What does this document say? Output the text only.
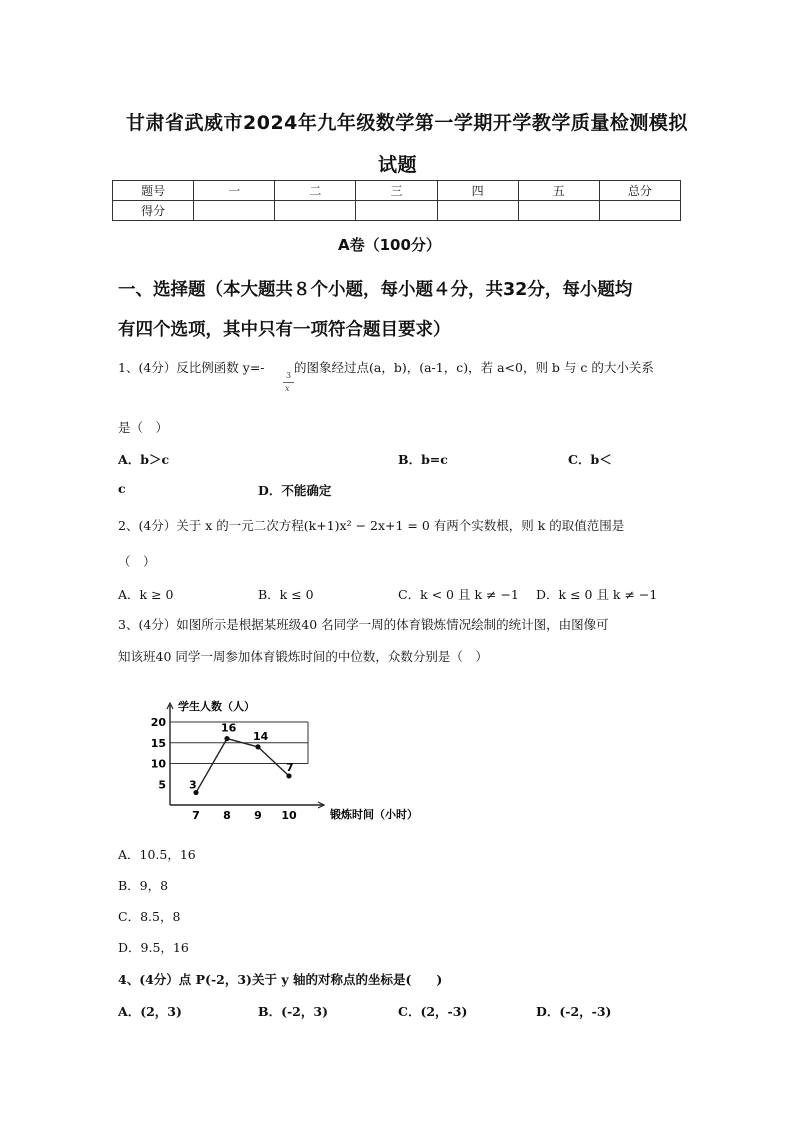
甘肃省武威市2024年九年级数学第一学期开学教学质量检测模拟
试题
题号	一	二	三	四	五	总分
得分						
A卷（100分）
一、选择题（本大题共８个小题，每小题４分，共32分，每小题均
有四个选项，其中只有一项符合题目要求）
1、(4分）反比例函数 y=-
3
x
的图象经过点(a，b)，(a-1，c)，若 a<0，则 b 与 c 的大小关系
是（　）
A．b＞c	B．b=c	C．b＜
c	D．不能确定
2、(4分）关于 x 的一元二次方程(k+1)x² − 2x+1 = 0 有两个实数根，则 k 的取值范围是
（　）
A．k ≥ 0	B．k ≤ 0	C．k < 0 且 k ≠ −1 D．k ≤ 0 且 k ≠ −1
3、(4分）如图所示是根据某班级40 名同学一周的体育锻炼情况绘制的统计图，由图像可
知该班40 同学一周参加体育锻炼时间的中位数，众数分别是（　）
学生人数（人）
锻炼时间（小时）
5
10
15
20
7 8 9 10
3
16
14
7
A．10.5，16
B．9，8
C．8.5，8
D．9.5，16
4、(4分）点 P(-2，3)关于 y 轴的对称点的坐标是(　　)
A．(2，3)	B．(-2，3)	C．(2，-3)	D．(-2，-3)
